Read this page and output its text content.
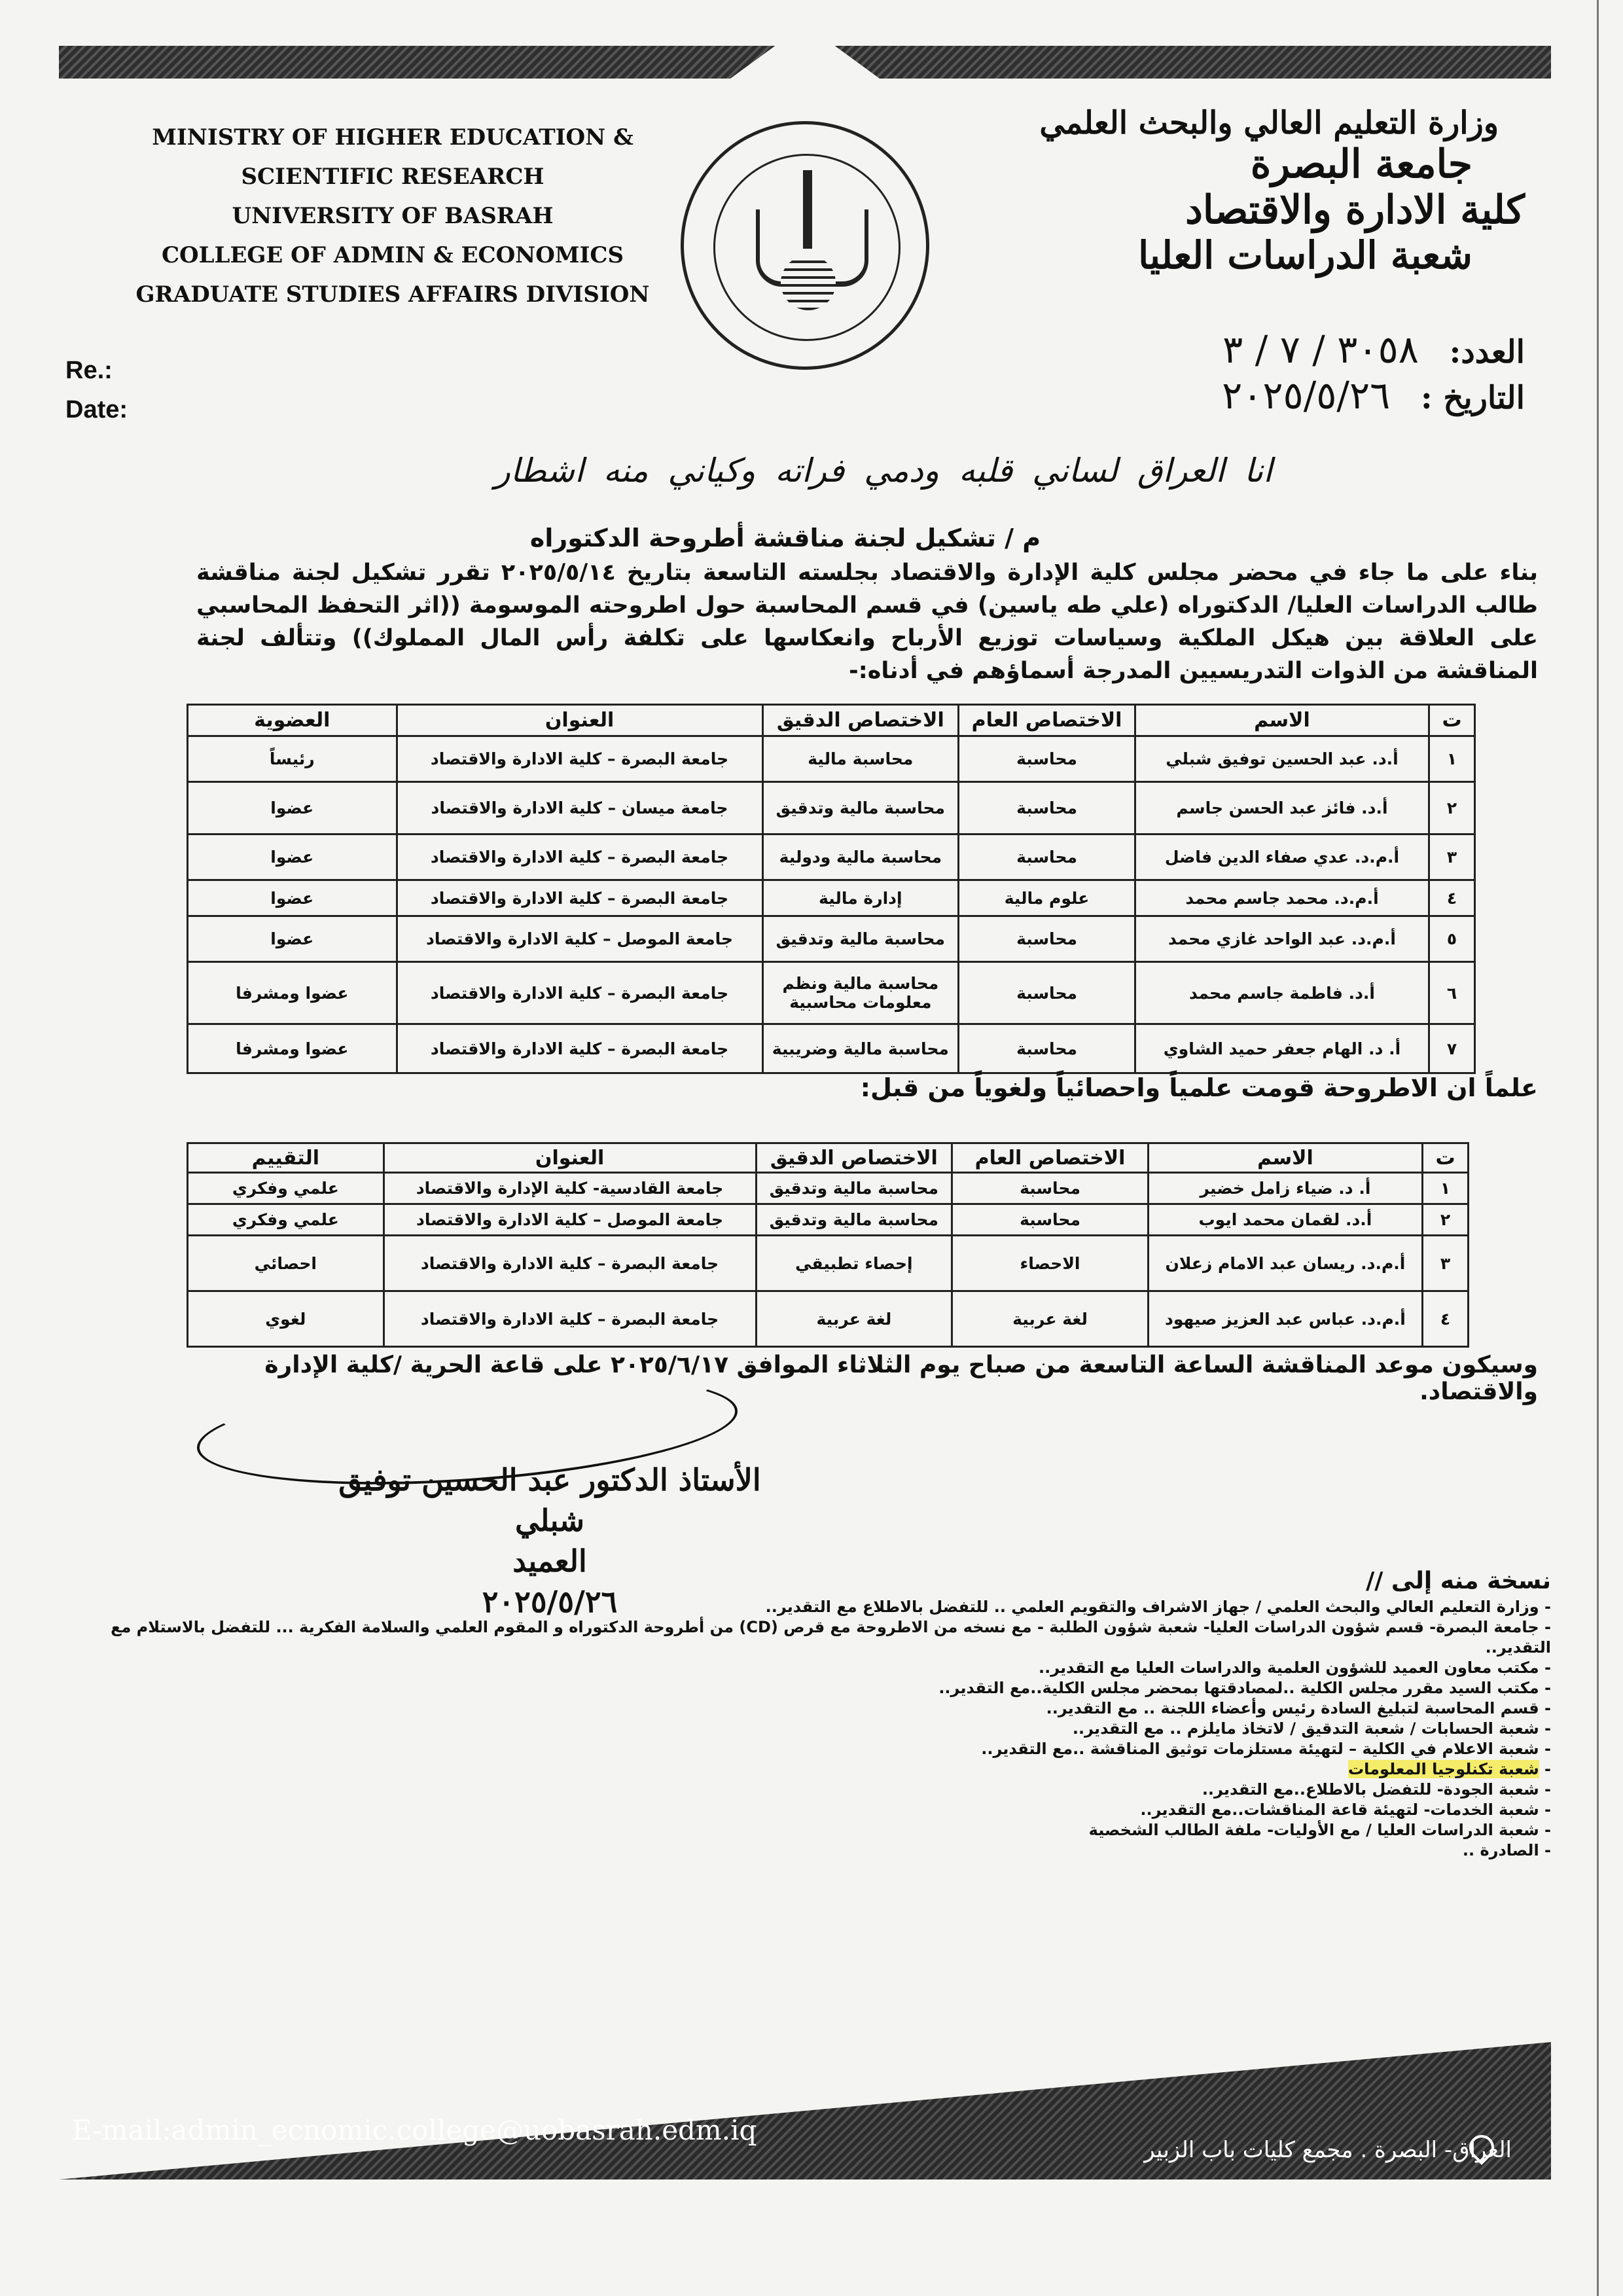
MINISTRY OF HIGHER EDUCATION &
SCIENTIFIC RESEARCH
UNIVERSITY OF BASRAH
COLLEGE OF ADMIN & ECONOMICS
GRADUATE STUDIES AFFAIRS DIVISION
وزارة التعليم العالي والبحث العلمي
جامعة البصرة
كلية الادارة والاقتصاد
شعبة الدراسات العليا
العدد: ٣٠٥٨ / ٧ / ٣
التاريخ : ٢٠٢٥/٥/٢٦
Re.:
Date:
انا العراق لساني قلبه ودمي فراته وكياني منه اشطار
م / تشكيل لجنة مناقشة أطروحة الدكتوراه
بناء على ما جاء في محضر مجلس كلية الإدارة والاقتصاد بجلسته التاسعة بتاريخ ٢٠٢٥/٥/١٤ تقرر تشكيل لجنة مناقشة طالب الدراسات العليا/ الدكتوراه (علي طه ياسين) في قسم المحاسبة حول اطروحته الموسومة ((اثر التحفظ المحاسبي على العلاقة بين هيكل الملكية وسياسات توزيع الأرباح وانعكاسها على تكلفة رأس المال المملوك)) وتتألف لجنة المناقشة من الذوات التدريسيين المدرجة أسماؤهم في أدناه:-
ت	الاسم	الاختصاص العام	الاختصاص الدقيق	العنوان	العضوية
١	أ.د. عبد الحسين توفيق شبلي	محاسبة	محاسبة مالية	جامعة البصرة – كلية الادارة والاقتصاد	رئيساً
٢	أ.د. فائز عبد الحسن جاسم	محاسبة	محاسبة مالية وتدقيق	جامعة ميسان – كلية الادارة والاقتصاد	عضوا
٣	أ.م.د. عدي صفاء الدين فاضل	محاسبة	محاسبة مالية ودولية	جامعة البصرة – كلية الادارة والاقتصاد	عضوا
٤	أ.م.د. محمد جاسم محمد	علوم مالية	إدارة مالية	جامعة البصرة – كلية الادارة والاقتصاد	عضوا
٥	أ.م.د. عبد الواحد غازي محمد	محاسبة	محاسبة مالية وتدقيق	جامعة الموصل – كلية الادارة والاقتصاد	عضوا
٦	أ.د. فاطمة جاسم محمد	محاسبة	محاسبة مالية ونظم معلومات محاسبية	جامعة البصرة – كلية الادارة والاقتصاد	عضوا ومشرفا
٧	أ. د. الهام جعفر حميد الشاوي	محاسبة	محاسبة مالية وضريبية	جامعة البصرة – كلية الادارة والاقتصاد	عضوا ومشرفا
علماً ان الاطروحة قومت علمياً واحصائياً ولغوياً من قبل:
ت	الاسم	الاختصاص العام	الاختصاص الدقيق	العنوان	التقييم
١	أ. د. ضياء زامل خضير	محاسبة	محاسبة مالية وتدقيق	جامعة القادسية- كلية الإدارة والاقتصاد	علمي وفكري
٢	أ.د. لقمان محمد ايوب	محاسبة	محاسبة مالية وتدقيق	جامعة الموصل – كلية الادارة والاقتصاد	علمي وفكري
٣	أ.م.د. ريسان عبد الامام زعلان	الاحصاء	إحصاء تطبيقي	جامعة البصرة – كلية الادارة والاقتصاد	احصائي
٤	أ.م.د. عباس عبد العزيز صيهود	لغة عربية	لغة عربية	جامعة البصرة – كلية الادارة والاقتصاد	لغوي
وسيكون موعد المناقشة الساعة التاسعة من صباح يوم الثلاثاء الموافق ٢٠٢٥/٦/١٧ على قاعة الحرية /كلية الإدارة والاقتصاد.
الأستاذ الدكتور عبد الحسين توفيق شبلي
العميد
٢٠٢٥/٥/٢٦
نسخة منه إلى //
- وزارة التعليم العالي والبحث العلمي / جهاز الاشراف والتقويم العلمي .. للتفضل بالاطلاع مع التقدير..
- جامعة البصرة- قسم شؤون الدراسات العليا- شعبة شؤون الطلبة - مع نسخه من الاطروحة مع قرص (CD) من أطروحة الدكتوراه و المقوم العلمي والسلامة الفكرية ... للتفضل بالاستلام مع التقدير..
- مكتب معاون العميد للشؤون العلمية والدراسات العليا مع التقدير..
- مكتب السيد مقرر مجلس الكلية ..لمصادقتها بمحضر مجلس الكلية..مع التقدير..
- قسم المحاسبة لتبليغ السادة رئيس وأعضاء اللجنة .. مع التقدير..
- شعبة الحسابات / شعبة التدقيق / لاتخاذ مايلزم .. مع التقدير..
- شعبة الاعلام في الكلية – لتهيئة مستلزمات توثيق المناقشة ..مع التقدير..
- شعبة تكنلوجيا المعلومات
- شعبة الجودة- للتفضل بالاطلاع..مع التقدير..
- شعبة الخدمات- لتهيئة قاعة المناقشات..مع التقدير..
- شعبة الدراسات العليا / مع الأوليات- ملفة الطالب الشخصية
- الصادرة ..
E-mail:admin_ecnomic.college@uobasrah.edm.iq
العراق- البصرة . مجمع كليات باب الزبير
